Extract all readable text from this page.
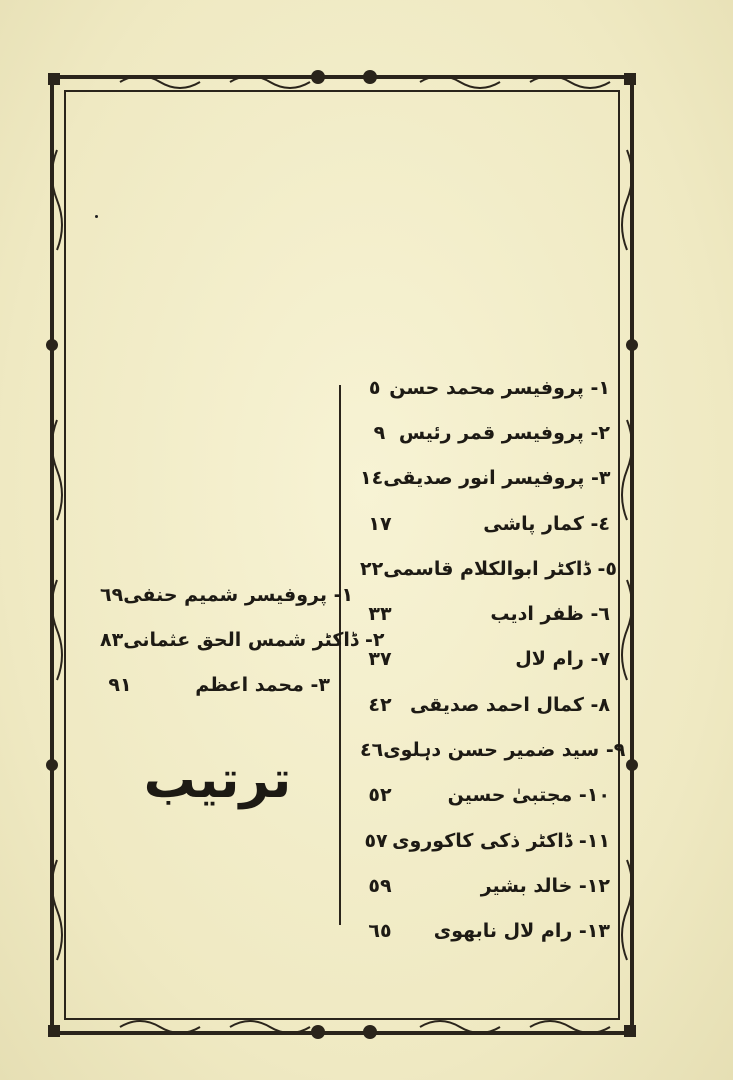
٥ ١- پروفیسر محمد حسن
٩ ٢- پروفیسر قمر رئیس
١٤ ٣- پروفیسر انور صدیقی
١٧	٤- کمار پاشی
٢٢ ٥- ڈاکٹر ابوالکلام قاسمی
٣٣	٦- ظفر ادیب
٣٧	٧- رام لال
٤٢ ٨- کمال احمد صدیقی
٤٦ ٩- سید ضمیر حسن دہلوی
٥٢	١٠- مجتبیٰ حسین
٥٧ ١١- ڈاکٹر ذکی کاکوروی
٥٩	١٢- خالد بشیر
٦٥	١٣- رام لال نابھوی
٦٩ ١- پروفیسر شمیم حنفی
٨٣ ٢- ڈاکٹر شمس الحق عثمانی
٩١	٣- محمد اعظم
ترتیب
